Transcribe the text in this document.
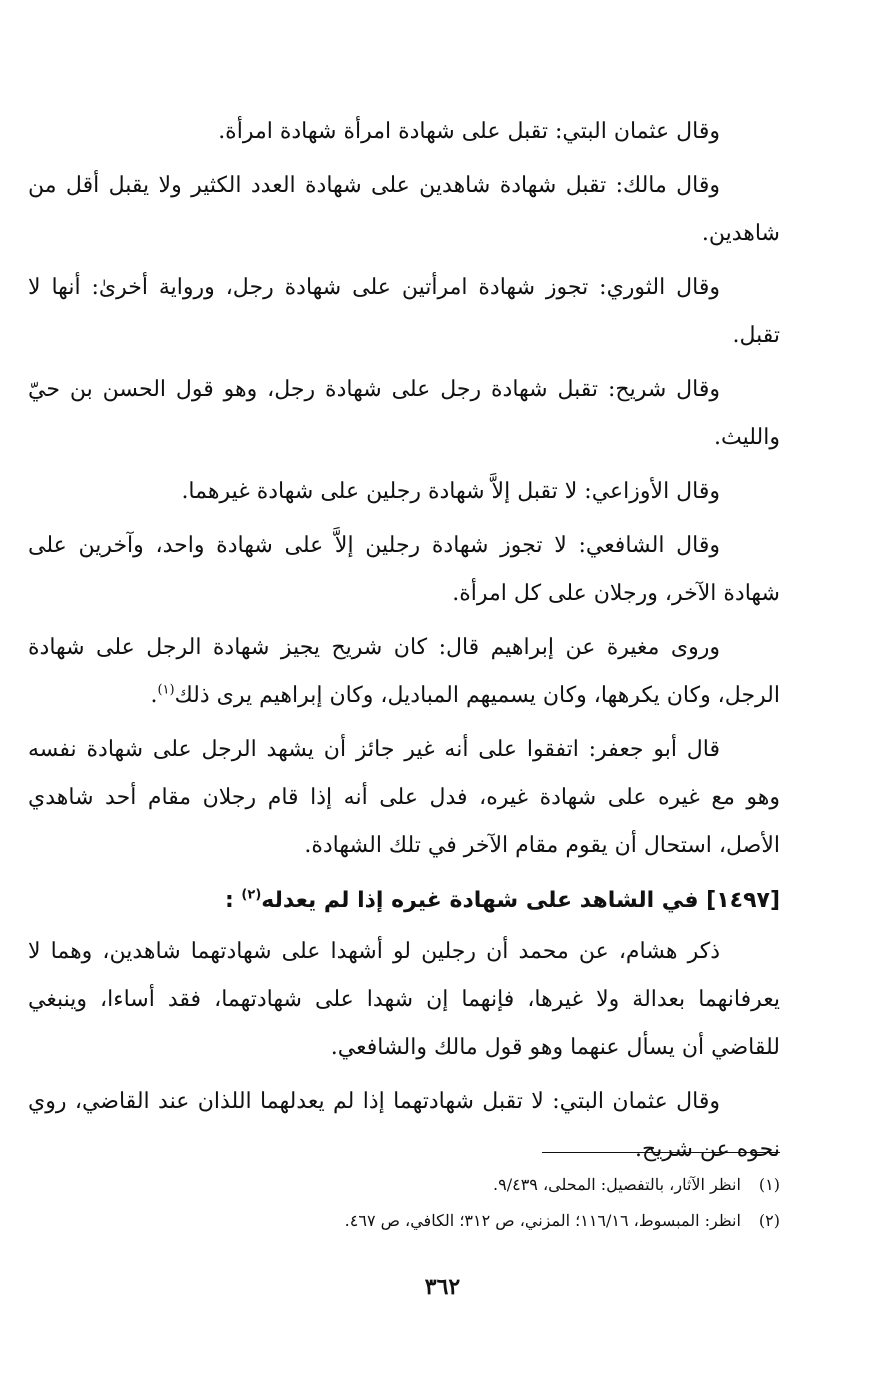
وقال عثمان البتي: تقبل على شهادة امرأة شهادة امرأة.

وقال مالك: تقبل شهادة شاهدين على شهادة العدد الكثير ولا يقبل أقل من شاهدين.

وقال الثوري: تجوز شهادة امرأتين على شهادة رجل، ورواية أخرىٰ: أنها لا تقبل.

وقال شريح: تقبل شهادة رجل على شهادة رجل، وهو قول الحسن بن حيّ والليث.

وقال الأوزاعي: لا تقبل إلاَّ شهادة رجلين على شهادة غيرهما.

وقال الشافعي: لا تجوز شهادة رجلين إلاَّ على شهادة واحد، وآخرين على شهادة الآخر، ورجلان على كل امرأة.

وروى مغيرة عن إبراهيم قال: كان شريح يجيز شهادة الرجل على شهادة الرجل، وكان يكرهها، وكان يسميهم المباديل، وكان إبراهيم يرى ذلك$^{(١)}$.

قال أبو جعفر: اتفقوا على أنه غير جائز أن يشهد الرجل على شهادة نفسه وهو مع غيره على شهادة غيره، فدل على أنه إذا قام رجلان مقام أحد شاهدي الأصل، استحال أن يقوم مقام الآخر في تلك الشهادة.

[١٤٩٧] في الشاهد على شهادة غيره إذا لم يعدله$^{(٢)}$ :

ذكر هشام، عن محمد أن رجلين لو أشهدا على شهادتهما شاهدين، وهما لا يعرفانهما بعدالة ولا غيرها، فإنهما إن شهدا على شهادتهما، فقد أساءا، وينبغي للقاضي أن يسأل عنهما وهو قول مالك والشافعي.

وقال عثمان البتي: لا تقبل شهادتهما إذا لم يعدلهما اللذان عند القاضي، روي نحوه عن شريح.

(١) انظر الآثار، بالتفصيل: المحلى، ٩/٤٣٩.

(٢) انظر: المبسوط، ١١٦/١٦؛ المزني، ص ٣١٢؛ الكافي، ص ٤٦٧.

٣٦٢
